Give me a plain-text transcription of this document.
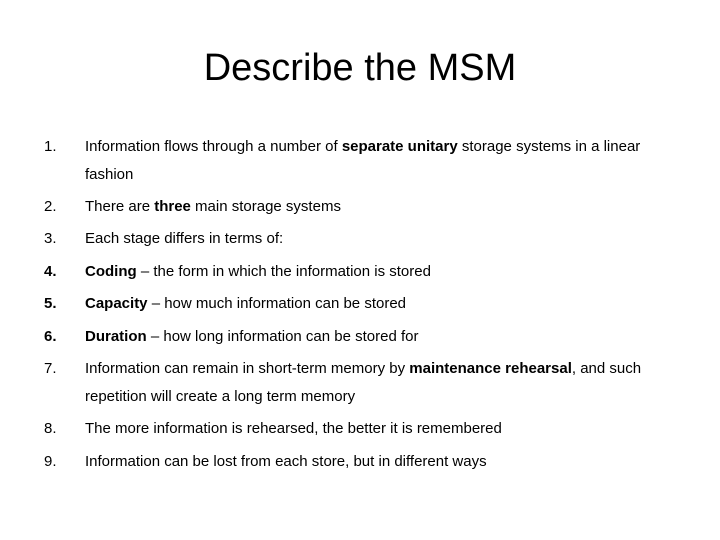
Describe the MSM
1.	Information flows through a number of separate unitary storage systems in a linear fashion
2.	There are three main storage systems
3.	Each stage differs in terms of:
4.	Coding – the form in which the information is stored
5.	Capacity – how much information can be stored
6.	Duration – how long information can be stored for
7.	Information can remain in short-term memory by maintenance rehearsal, and such repetition will create a long term memory
8.	The more information is rehearsed, the better it is remembered
9.	Information can be lost from each store, but in different ways
